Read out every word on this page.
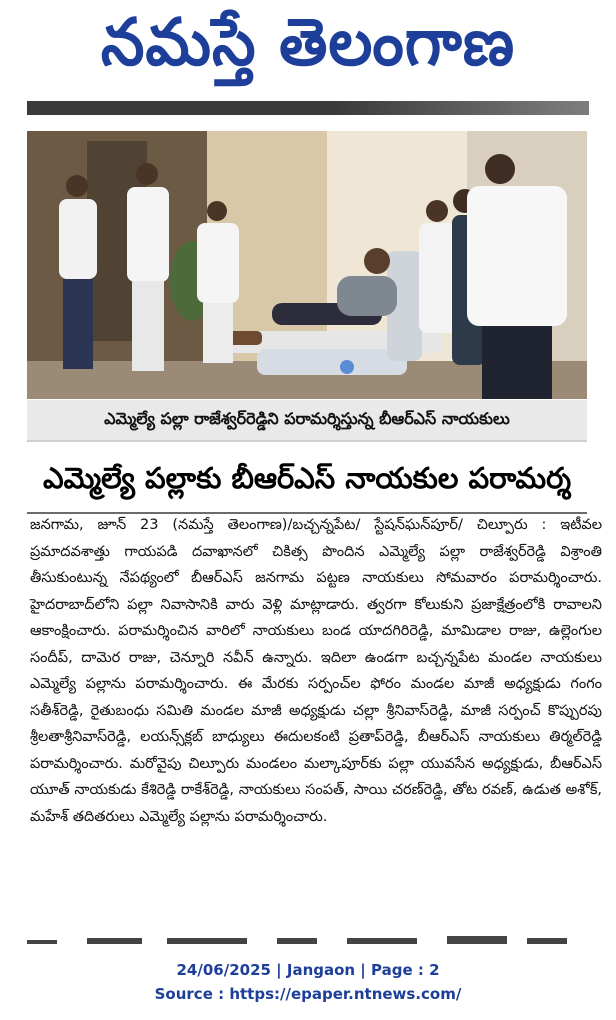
నమస్తే తెలంగాణ
ఎమ్మెల్యే పల్లా రాజేశ్వర్‌రెడ్డిని పరామర్శిస్తున్న బీఆర్‌ఎస్ నాయకులు
ఎమ్మెల్యే పల్లాకు బీఆర్‌ఎస్ నాయకుల పరామర్శ

జనగామ, జూన్ 23 (నమస్తే తెలంగాణ)/బచ్చన్నపేట/ స్టేషన్‌ఘన్‌పూర్/ చిల్పూరు : ఇటీవల ప్రమాదవశాత్తు గాయపడి దవాఖానలో చికిత్స పొందిన ఎమ్మెల్యే పల్లా రాజేశ్వర్‌రెడ్డి విశ్రాంతి తీసుకుంటున్న నేపథ్యంలో బీఆర్‌ఎస్ జనగామ పట్టణ నాయకులు సోమవారం పరామర్శించారు. హైదరాబాద్‌లోని పల్లా నివాసానికి వారు వెళ్లి మాట్లాడారు. త్వరగా కోలుకుని ప్రజాక్షేత్రంలోకి రావాలని ఆకాంక్షించారు. పరామర్శించిన వారిలో నాయకులు బండ యాదగిరిరెడ్డి, మామిడాల రాజు, ఉల్లెంగుల సందీప్, దామెర రాజు, చెన్నూరి నవీన్ ఉన్నారు. ఇదిలా ఉండగా బచ్చన్నపేట మండల నాయకులు ఎమ్మెల్యే పల్లాను పరామర్శించారు. ఈ మేరకు సర్పంచ్‌ల ఫోరం మండల మాజీ అధ్యక్షుడు గంగం సతీశ్‌రెడ్డి, రైతుబంధు సమితి మండల మాజీ అధ్యక్షుడు చల్లా శ్రీనివాస్‌రెడ్డి, మాజీ సర్పంచ్ కొప్పురపు శ్రీలతాశ్రీనివాస్‌రెడ్డి, లయన్స్‌క్లబ్ బాధ్యులు ఈదులకంటి ప్రతాప్‌రెడ్డి, బీఆర్‌ఎస్ నాయకులు తిర్మల్‌రెడ్డి పరామర్శించారు. మరోవైపు చిల్పూరు మండలం మల్కాపూర్‌కు పల్లా యువసేన అధ్యక్షుడు, బీఆర్‌ఎస్ యూత్ నాయకుడు కేశిరెడ్డి రాకేశ్‌రెడ్డి, నాయకులు సంపత్, సాయి చరణ్‌రెడ్డి, తోట రవణ్, ఉడుత అశోక్, మహేశ్ తదితరులు ఎమ్మెల్యే పల్లాను పరామర్శించారు.

24/06/2025 | Jangaon | Page : 2
Source : https://epaper.ntnews.com/
